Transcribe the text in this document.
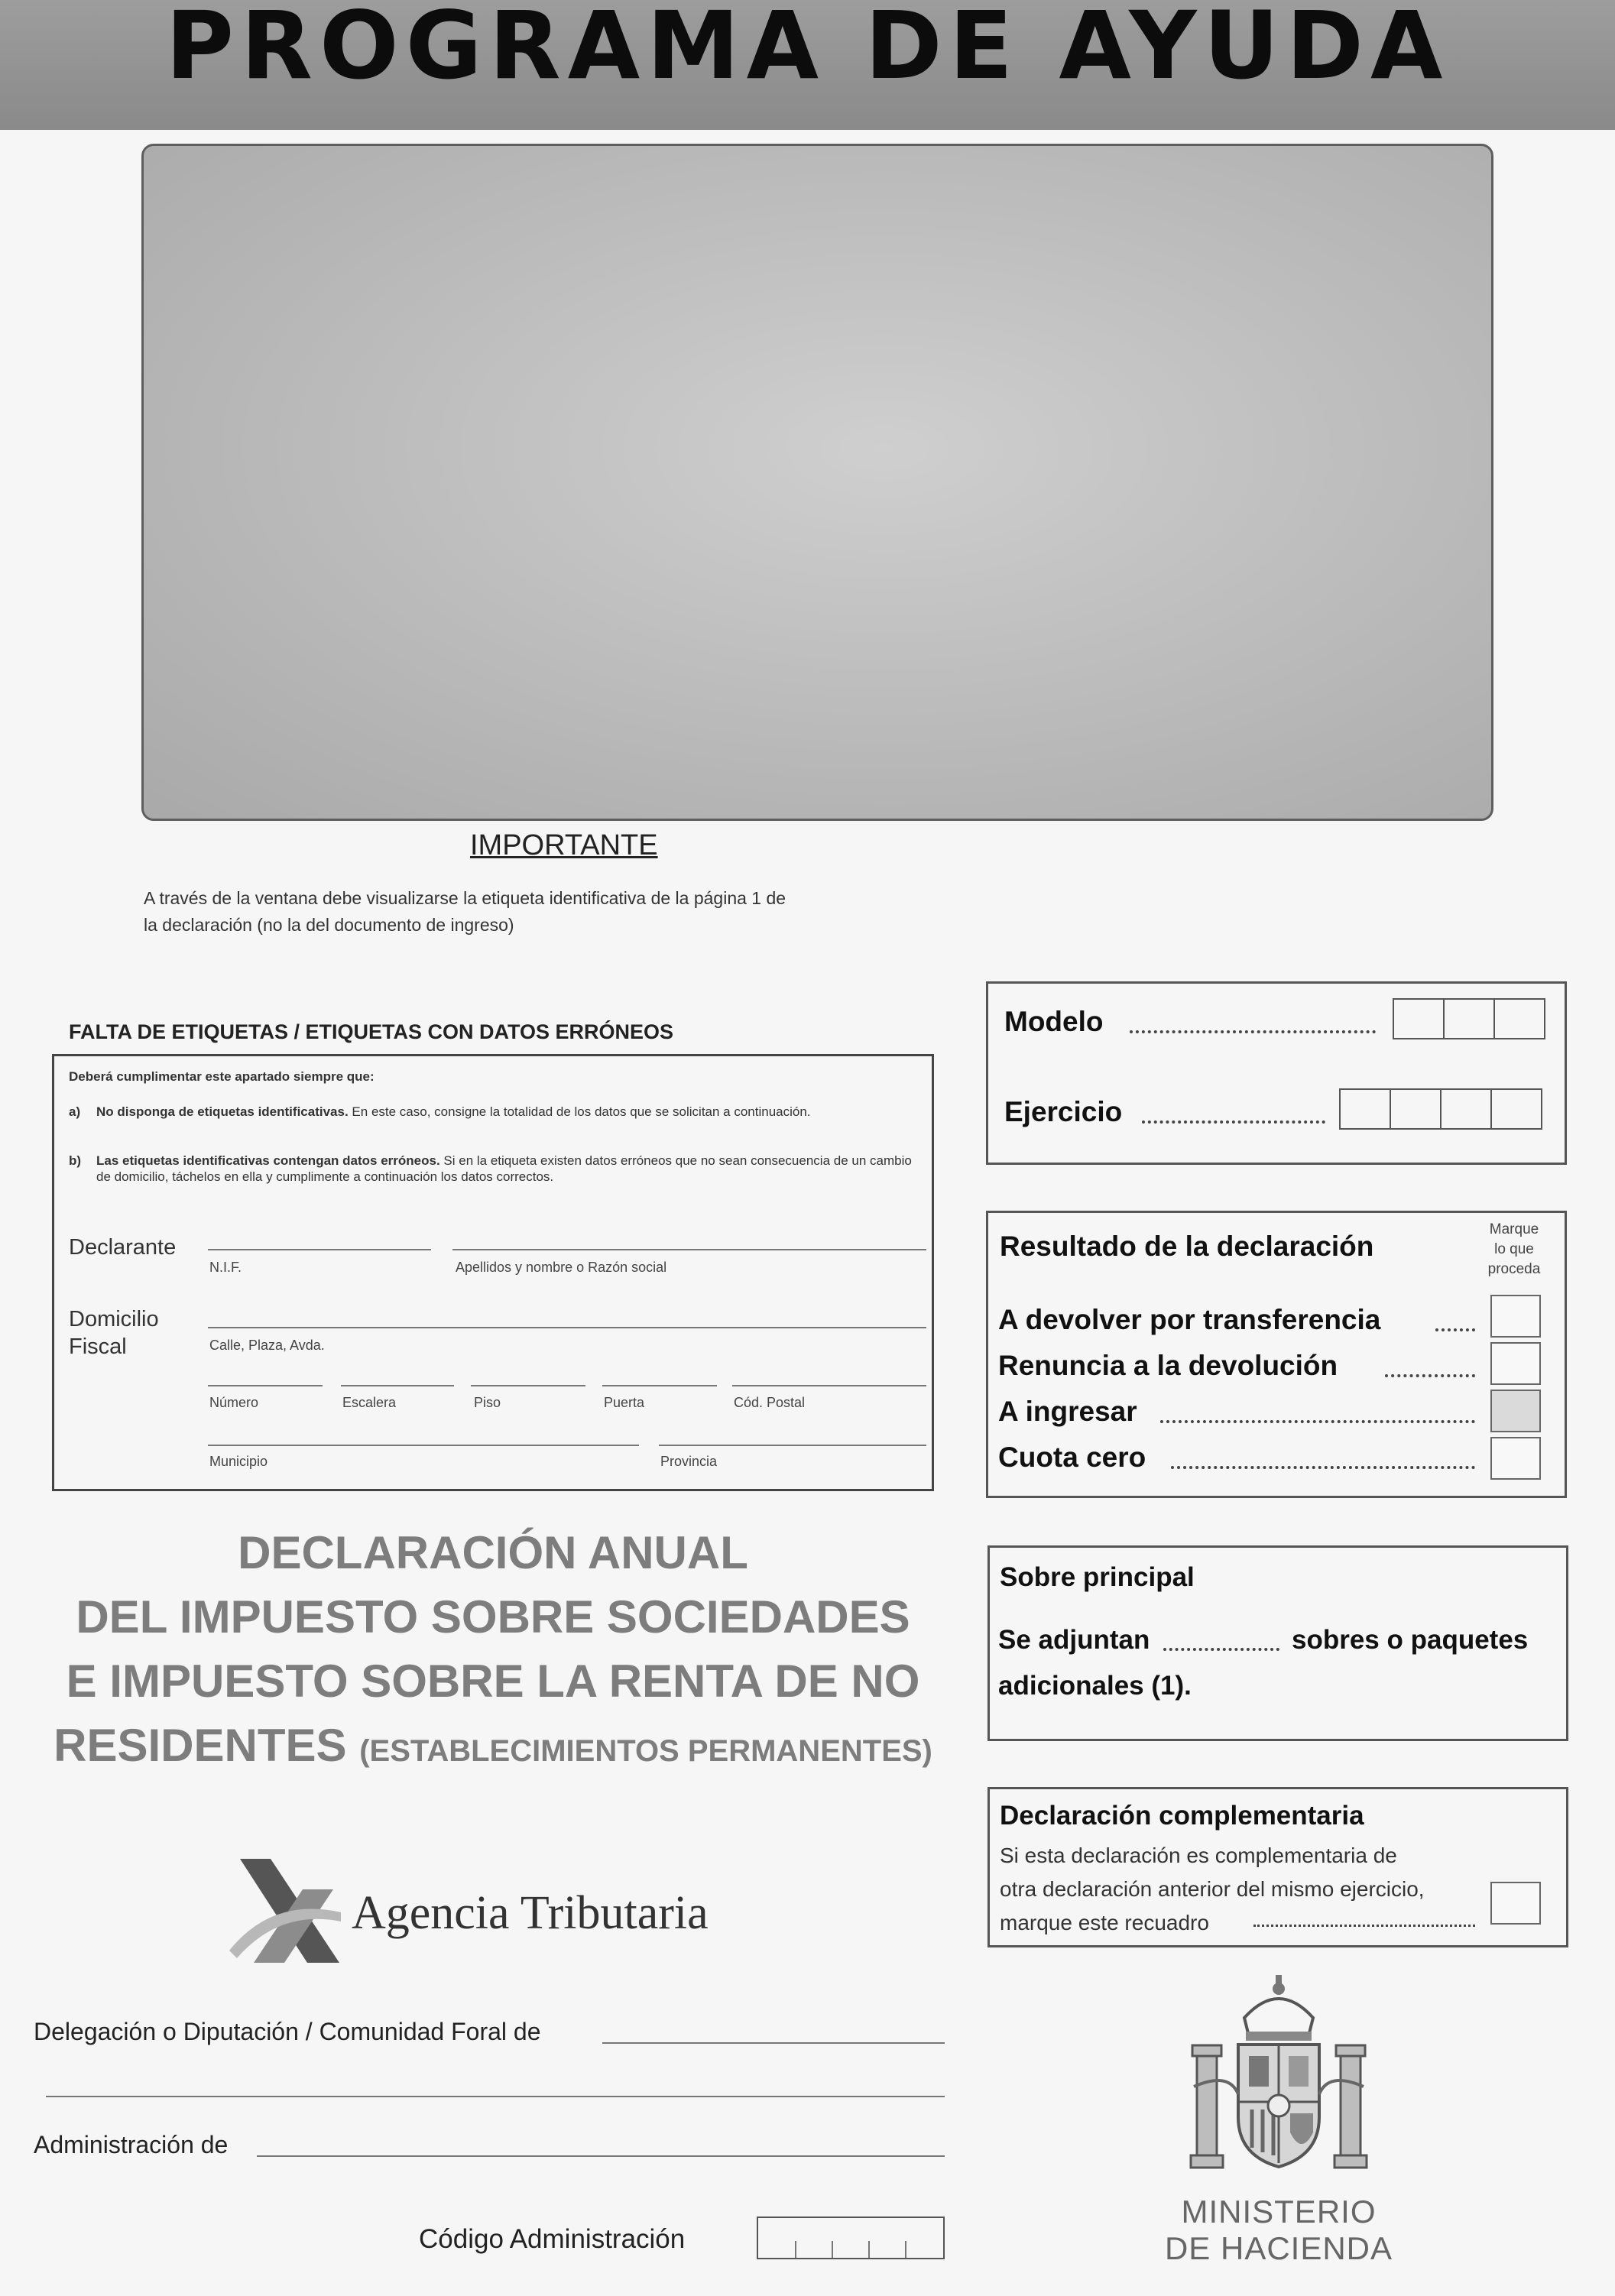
PROGRAMA DE AYUDA
IMPORTANTE
A través de la ventana debe visualizarse la etiqueta identificativa de la página 1 de
la declaración (no la del documento de ingreso)
FALTA DE ETIQUETAS / ETIQUETAS CON DATOS ERRÓNEOS
Deberá cumplimentar este apartado siempre que:
a) No disponga de etiquetas identificativas. En este caso, consigne la totalidad de los datos que se solicitan a continuación.
b) Las etiquetas identificativas contengan datos erróneos. Si en la etiqueta existen datos erróneos que no sean consecuencia de un cambio de domicilio, táchelos en ella y cumplimente a continuación los datos correctos.
Declarante
N.I.F.	Apellidos y nombre o Razón social
Domicilio
Fiscal	Calle, Plaza, Avda.
Número	Escalera	Piso	Puerta	Cód. Postal
Municipio	Provincia
Modelo
Ejercicio
Resultado de la declaración
Marque
lo que
proceda
A devolver por transferencia
Renuncia a la devolución
A ingresar
Cuota cero
Sobre principal
Se adjuntan	sobres o paquetes
adicionales (1).
Declaración complementaria
Si esta declaración es complementaria de
otra declaración anterior del mismo ejercicio,
marque este recuadro
DECLARACIÓN ANUAL
DEL IMPUESTO SOBRE SOCIEDADES
E IMPUESTO SOBRE LA RENTA DE NO
RESIDENTES (ESTABLECIMIENTOS PERMANENTES)
Agencia Tributaria
Delegación o Diputación / Comunidad Foral de
Administración de
Código Administración
MINISTERIO
DE HACIENDA
